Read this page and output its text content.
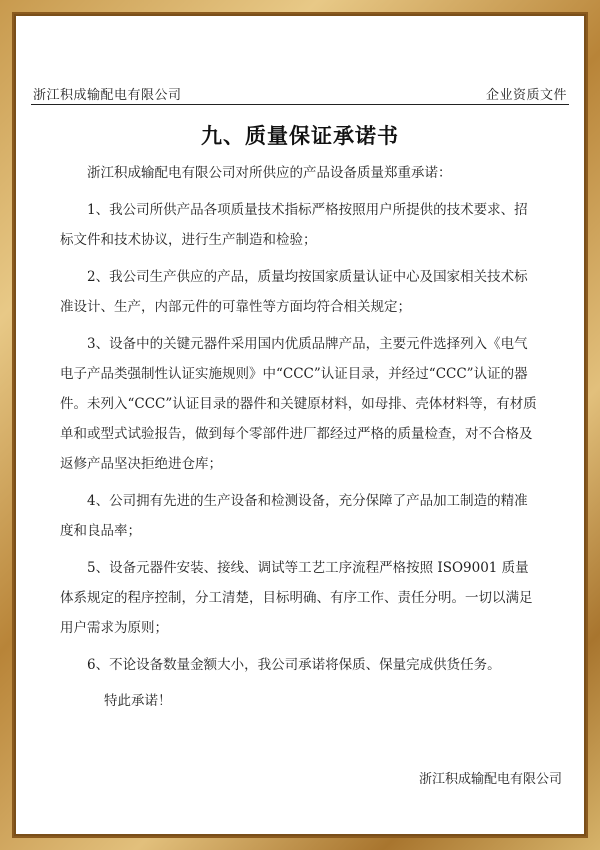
浙江积成输配电有限公司	企业资质文件
九、质量保证承诺书

浙江积成输配电有限公司对所供应的产品设备质量郑重承诺：

1、我公司所供产品各项质量技术指标严格按照用户所提供的技术要求、招标文件和技术协议，进行生产制造和检验；

2、我公司生产供应的产品，质量均按国家质量认证中心及国家相关技术标准设计、生产，内部元件的可靠性等方面均符合相关规定；

3、设备中的关键元器件采用国内优质品牌产品，主要元件选择列入《电气电子产品类强制性认证实施规则》中“CCC”认证目录，并经过“CCC”认证的器件。未列入“CCC”认证目录的器件和关键原材料，如母排、壳体材料等，有材质单和或型式试验报告，做到每个零部件进厂都经过严格的质量检查，对不合格及返修产品坚决拒绝进仓库；

4、公司拥有先进的生产设备和检测设备，充分保障了产品加工制造的精准度和良品率；

5、设备元器件安装、接线、调试等工艺工序流程严格按照 ISO9001 质量体系规定的程序控制，分工清楚，目标明确、有序工作、责任分明。一切以满足用户需求为原则；

6、不论设备数量金额大小，我公司承诺将保质、保量完成供货任务。

特此承诺！

浙江积成输配电有限公司
